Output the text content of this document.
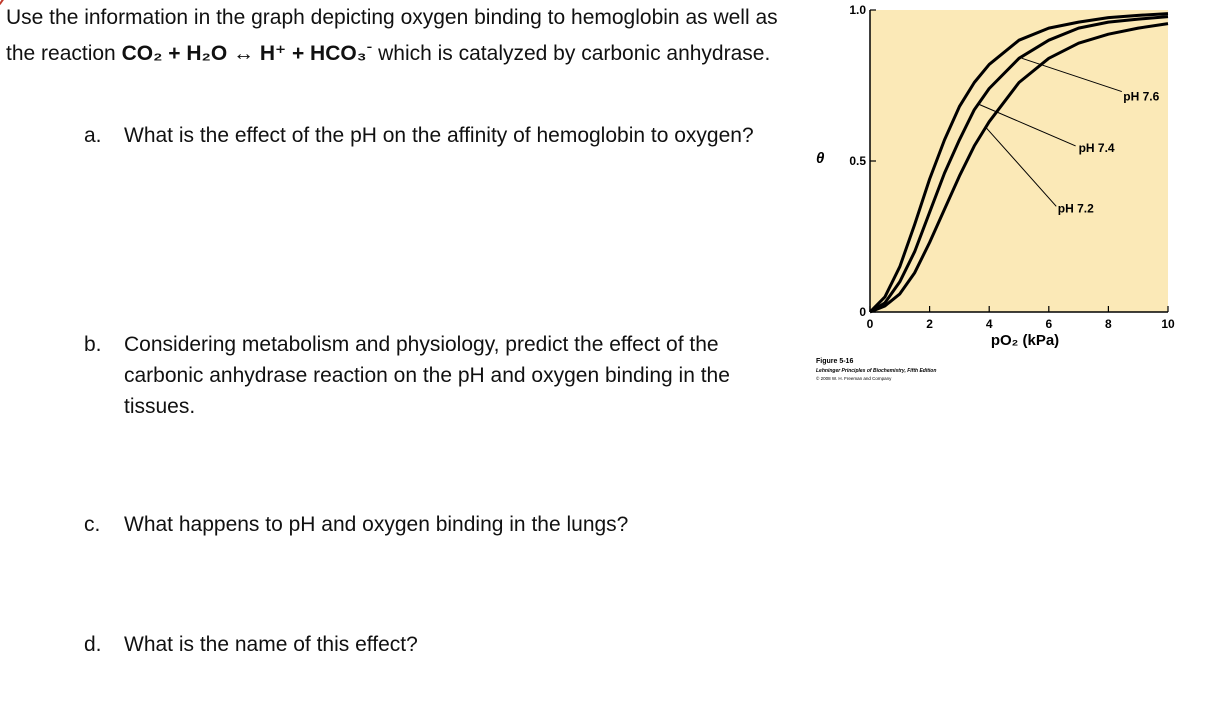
Use the information in the graph depicting oxygen binding to hemoglobin as well as the reaction CO₂ + H₂O ↔ H⁺ + HCO₃- which is catalyzed by carbonic anhydrase.
a. What is the effect of the pH on the affinity of hemoglobin to oxygen?
b. Considering metabolism and physiology, predict the effect of the carbonic anhydrase reaction on the pH and oxygen binding in the tissues.
c. What happens to pH and oxygen binding in the lungs?
d. What is the name of this effect?
pH 7.6
pH 7.4
pH 7.2
0	2	4	6	8	10
0
0.5
1.0
θ
pO₂ (kPa)
Figure 5-16
Lehninger Principles of Biochemistry, Fifth Edition
© 2008 W. H. Freeman and Company
